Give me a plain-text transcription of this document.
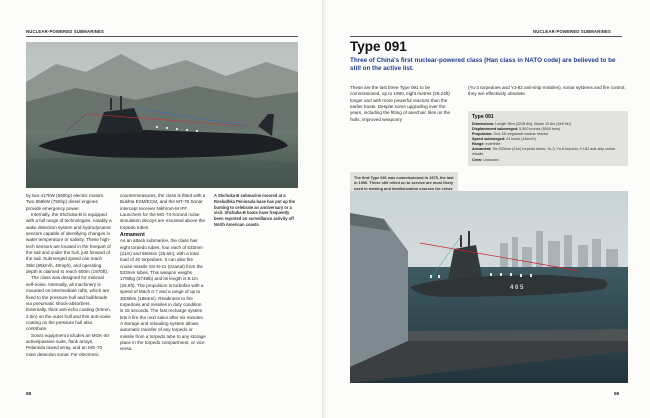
NUCLEAR-POWERED SUBMARINES

by two 417kW (560hp) electric motors. Two 559kW (750hp) diesel engines provide emergency power.

Internally, the Shchuka-B is equipped with a full range of technologies, notably a wake detection system and hydrodynamic sensors capable of identifying changes in water temperature or salinity. These high-tech sensors are located in the forepart of the sail and under the hull, just forward of the sail. Submerged speed can reach 35kt (65km/h, 40mph), and operating depth is claimed to reach 600m (1970ft).

The class was designed for minimal self-noise. Internally, all machinery is mounted on intermediate rafts, which are fixed to the pressure hull and bulkheads via pneumatic shock-absorbers. Externally, thick anti-echo coating (64mm, 2.5in) on the outer hull and thin anti-noise coating on the pressure hull also contribute.

Sonar equipment includes an MGK-40 active/passive suite, flank arrays, Pelamida towed array, and an MG-70 mine detection sonar. For electronic

countermeasures, the class is fitted with a Bukhta ESM/ECM, and the MT-70 Sonar intercept receiver Nikhrom-M IFF. Launchers for the MG-74 Korund noise simulation decoys are mounted above the torpedo tubes.

Armament

As an attack submarine, the class has eight torpedo tubes, four each of 533mm (21in) and 650mm (25.6in), with a total load of 40 torpedoes. It can also fire cruise missile SS-N-21 (Granat) from the 533mm tubes. This weapon weighs 1700kg (3748lb) and its length is 8.1m (26.6ft). The propulsion is turbofan with a speed of Mach 0.7 and a range of up to 3000km (1864mi). Readiness to fire torpedoes and missiles in duty condition is 15 seconds. The fast recharge system lets it fire the next salvo after six minutes. A storage and reloading system allows automatic transfer of any torpedo or missile from a torpedo tube to any storage place in the torpedo compartment, or vice versa.

A Shchuka-B submarine moored at a Rosludhka Peninsula base has put up the bunting to celebrate an anniversary or a visit. Shchuka-B boats have frequently been reported on surveillance activity off North American coasts.
58
NUCLEAR-POWERED SUBMARINES
59
Type 091

Three of China's first nuclear-powered class (Han class in NATO code) are believed to be still on the active list.

These are the last three Type 091 to be commissioned, up to 1990, eight metres (26.24ft) longer and with more powerful reactors than the earlier boats. Despite some upgrading over the years, including the fitting of anechoic tiles on the hulls, improved weaponry

(Yu-3 torpedoes and YJ-82 anti-ship missiles), sonar systems and fire control, they are effectively obsolete.

The first Type 091 was commissioned in 1975, the last in 1990. These still relied on to service are most likely used in training and familiarization courses for crews
Type 091
Dimensions: Length 98m (321ft 6in), Beam 10.6m (34ft 9in)
Displacement submerged: 5,500 tonnes (5500 tons)
Propulsion: One 48 megawatt nuclear reactor
Speed submerged: 24 knots (44km/h)
Range: Indefinite
Armament: Six 533mm (21in) torpedo tubes; Yu-3, Yu-8 torpedo; YJ-82 anti-ship cruise missile
Crew: Unknown
4 0 5
